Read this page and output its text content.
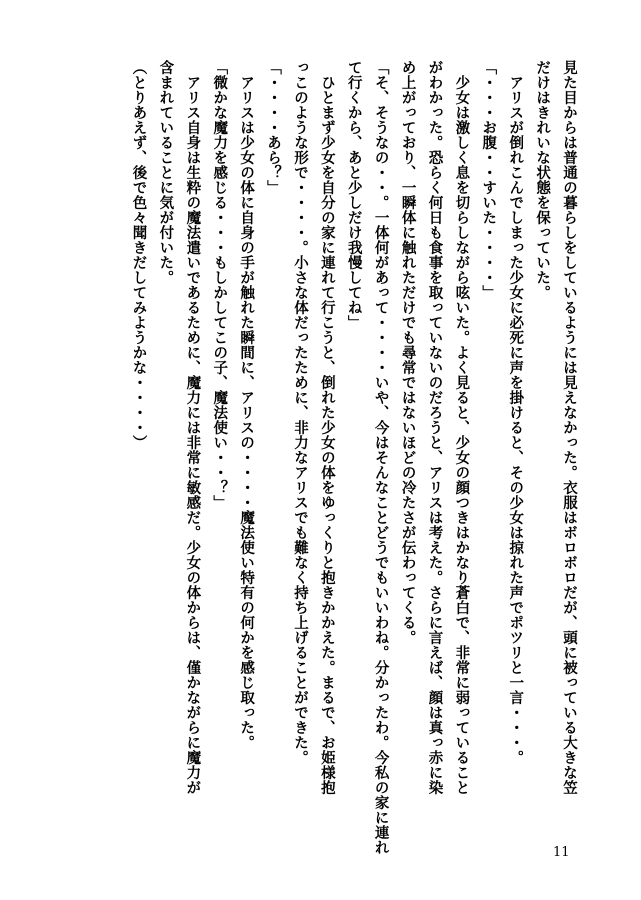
見た目からは普通の暮らしをしているようには見えなかった。衣服はボロボロだが、頭に被っている大きな笠
だけはきれいな状態を保っていた。
　アリスが倒れこんでしまった少女に必死に声を掛けると、その少女は掠れた声でポツリと一言・・・。
「・・・お腹・・すいた・・・・」
　少女は激しく息を切らしながら呟いた。よく見ると、少女の顔つきはかなり蒼白で、非常に弱っていること
がわかった。恐らく何日も食事を取っていないのだろうと、アリスは考えた。さらに言えば、顔は真っ赤に染
め上がっており、一瞬体に触れただけでも尋常ではないほどの冷たさが伝わってくる。
「そ、そうなの・・。一体何があって・・・・いや、今はそんなことどうでもいいわね。分かったわ。今私の家に連れ
て行くから、あと少しだけ我慢してね」
　ひとまず少女を自分の家に連れて行こうと、倒れた少女の体をゆっくりと抱きかかえた。まるで、お姫様抱
っこのような形で・・・・。小さな体だったために、非力なアリスでも難なく持ち上げることができた。
「・・・・あら？」
　アリスは少女の体に自身の手が触れた瞬間に、アリスの・・・・魔法使い特有の何かを感じ取った。
「微かな魔力を感じる・・・もしかしてこの子、魔法使い・・？」
　アリス自身は生粋の魔法遣いであるために、魔力には非常に敏感だ。少女の体からは、僅かながらに魔力が
含まれていることに気が付いた。
（とりあえず、後で色々聞きだしてみようかな・・・・）
11
